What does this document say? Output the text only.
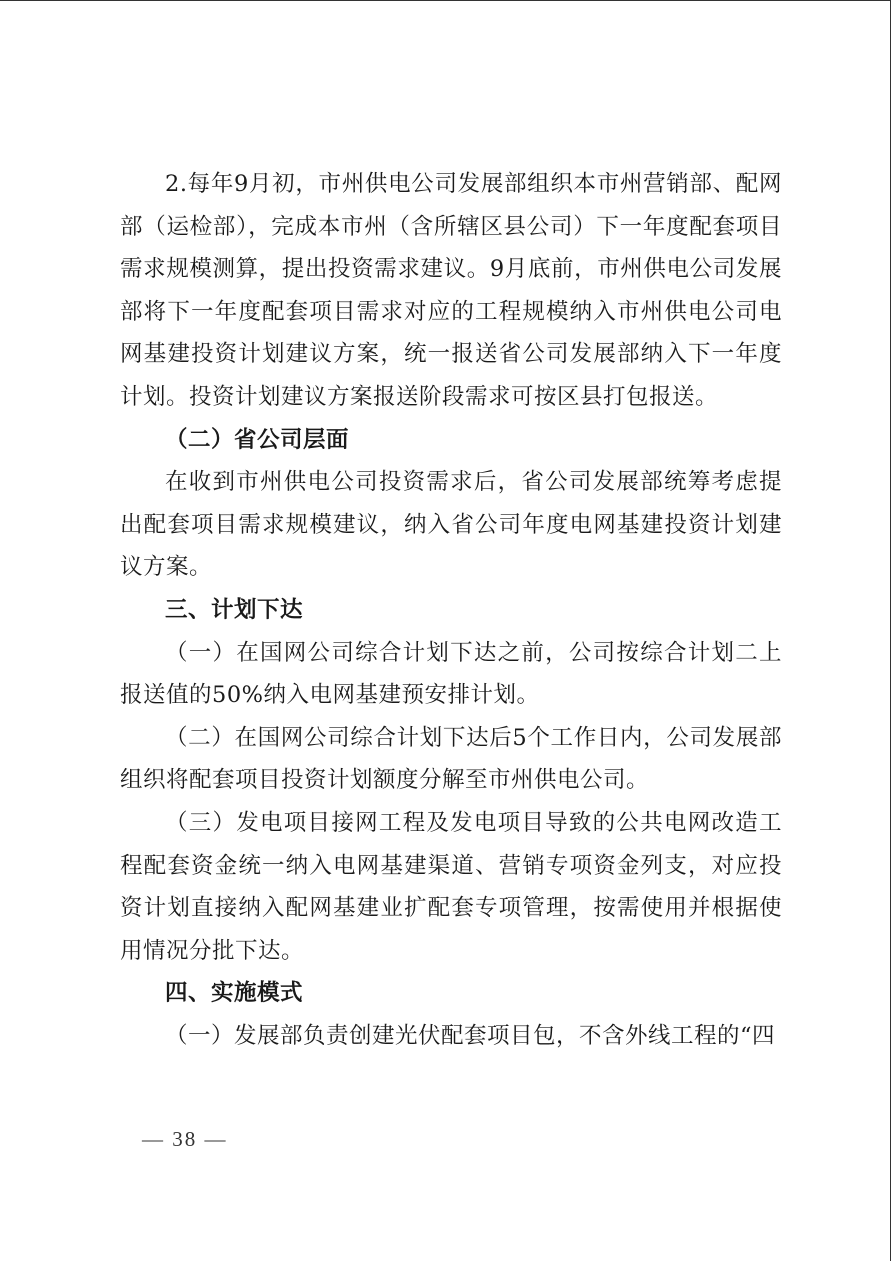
2.每年9月初，市州供电公司发展部组织本市州营销部、配网部（运检部），完成本市州（含所辖区县公司）下一年度配套项目需求规模测算，提出投资需求建议。9月底前，市州供电公司发展部将下一年度配套项目需求对应的工程规模纳入市州供电公司电网基建投资计划建议方案，统一报送省公司发展部纳入下一年度计划。投资计划建议方案报送阶段需求可按区县打包报送。

（二）省公司层面

在收到市州供电公司投资需求后，省公司发展部统筹考虑提出配套项目需求规模建议，纳入省公司年度电网基建投资计划建议方案。

三、计划下达

（一）在国网公司综合计划下达之前，公司按综合计划二上报送值的50%纳入电网基建预安排计划。

（二）在国网公司综合计划下达后5个工作日内，公司发展部组织将配套项目投资计划额度分解至市州供电公司。

（三）发电项目接网工程及发电项目导致的公共电网改造工程配套资金统一纳入电网基建渠道、营销专项资金列支，对应投资计划直接纳入配网基建业扩配套专项管理，按需使用并根据使用情况分批下达。

四、实施模式

（一）发展部负责创建光伏配套项目包，不含外线工程的“四

— 38 —
